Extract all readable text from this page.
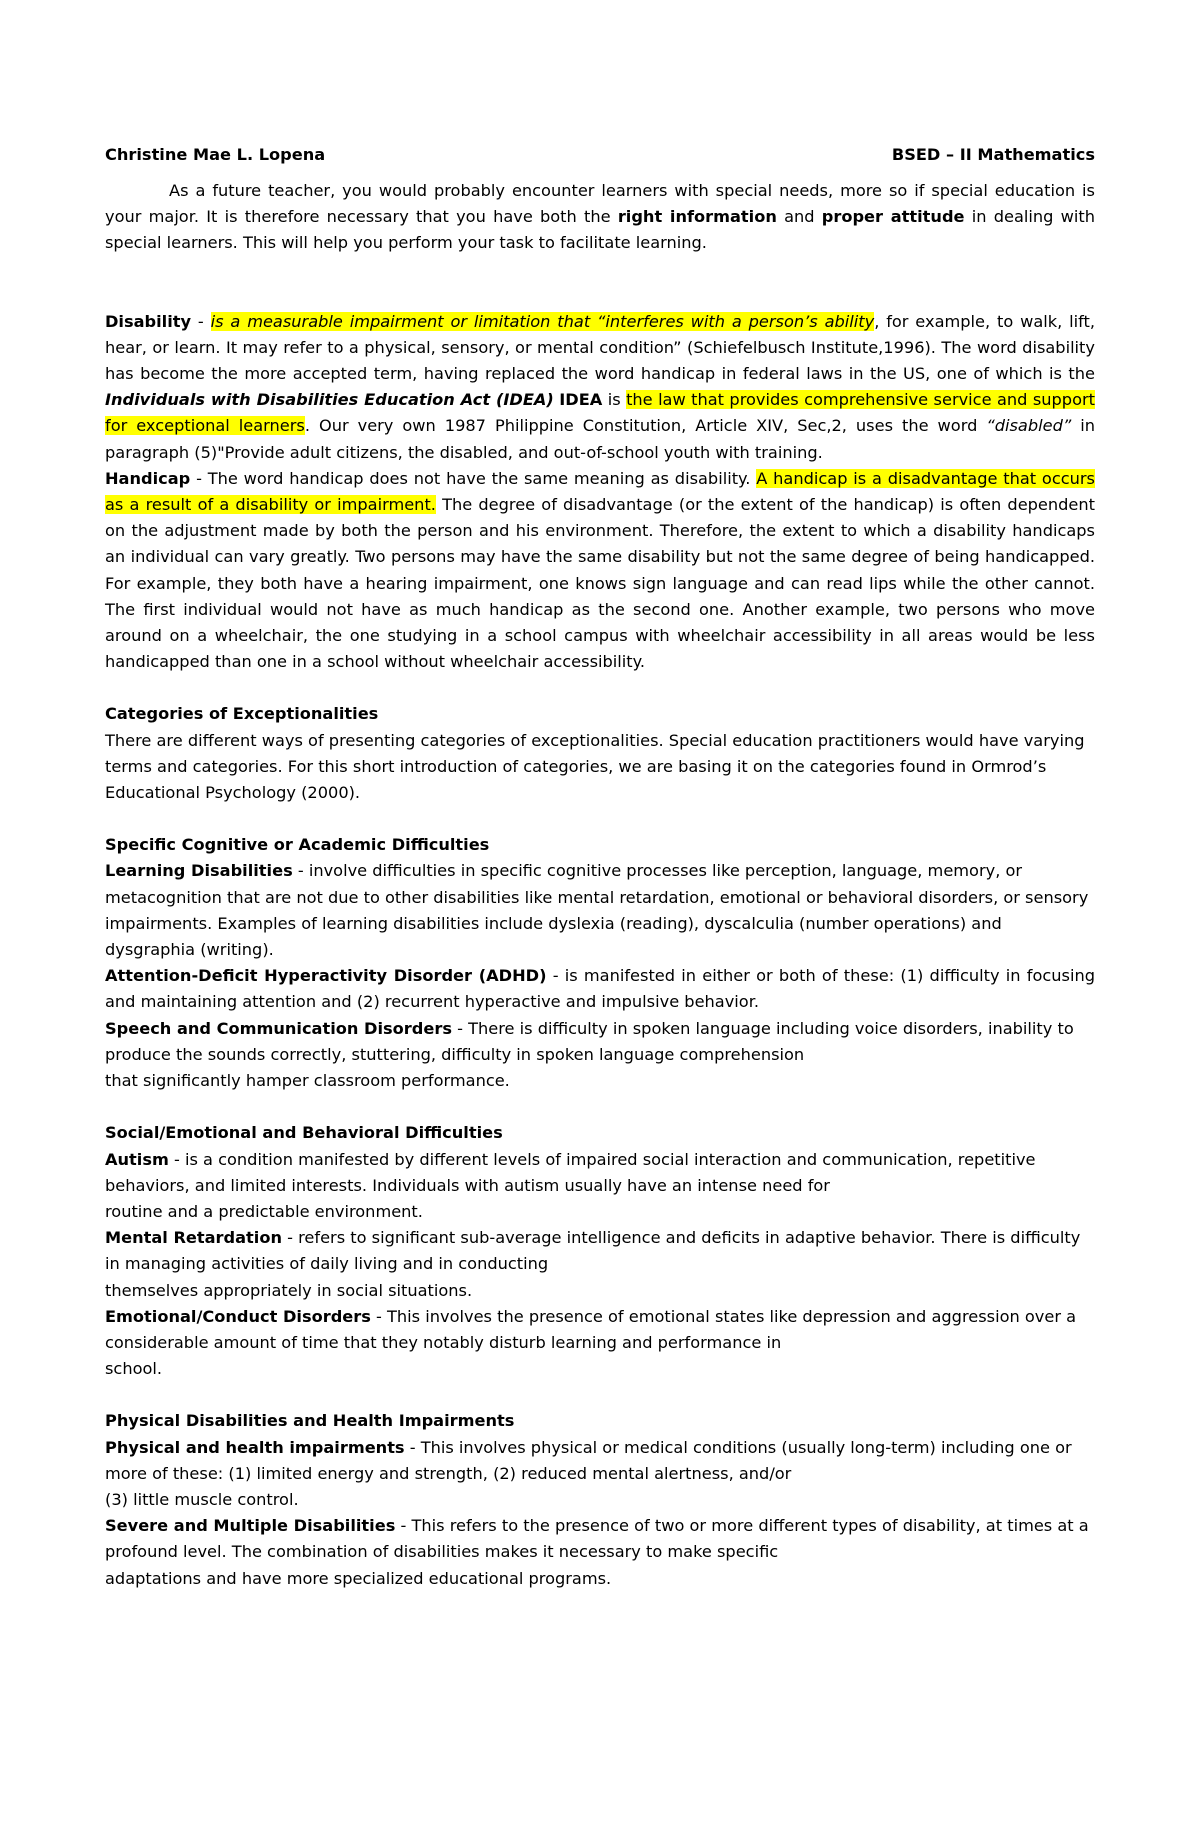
Christine Mae L. Lopena	BSED – II Mathematics

As a future teacher, you would probably encounter learners with special needs, more so if special education is your major. It is therefore necessary that you have both the right information and proper attitude in dealing with special learners. This will help you perform your task to facilitate learning.

Disability - is a measurable impairment or limitation that “interferes with a person’s ability, for example, to walk, lift, hear, or learn. It may refer to a physical, sensory, or mental condition” (Schiefelbusch Institute,1996). The word disability has become the more accepted term, having replaced the word handicap in federal laws in the US, one of which is the Individuals with Disabilities Education Act (IDEA) IDEA is the law that provides comprehensive service and support for exceptional learners. Our very own 1987 Philippine Constitution, Article XIV, Sec,2, uses the word “disabled” in paragraph (5)"Provide adult citizens, the disabled, and out-of-school youth with training.

Handicap - The word handicap does not have the same meaning as disability. A handicap is a disadvantage that occurs as a result of a disability or impairment. The degree of disadvantage (or the extent of the handicap) is often dependent on the adjustment made by both the person and his environment. Therefore, the extent to which a disability handicaps an individual can vary greatly. Two persons may have the same disability but not the same degree of being handicapped. For example, they both have a hearing impairment, one knows sign language and can read lips while the other cannot. The first individual would not have as much handicap as the second one. Another example, two persons who move around on a wheelchair, the one studying in a school campus with wheelchair accessibility in all areas would be less handicapped than one in a school without wheelchair accessibility.

Categories of Exceptionalities

There are different ways of presenting categories of exceptionalities. Special education practitioners would have varying terms and categories. For this short introduction of categories, we are basing it on the categories found in Ormrod’s Educational Psychology (2000).

Specific Cognitive or Academic Difficulties

Learning Disabilities - involve difficulties in specific cognitive processes like perception, language, memory, or metacognition that are not due to other disabilities like mental retardation, emotional or behavioral disorders, or sensory impairments. Examples of learning disabilities include dyslexia (reading), dyscalculia (number operations) and dysgraphia (writing).

Attention-Deficit Hyperactivity Disorder (ADHD) - is manifested in either or both of these: (1) difficulty in focusing and maintaining attention and (2) recurrent hyperactive and impulsive behavior.

Speech and Communication Disorders - There is difficulty in spoken language including voice disorders, inability to produce the sounds correctly, stuttering, difficulty in spoken language comprehension

that significantly hamper classroom performance.

Social/Emotional and Behavioral Difficulties

Autism - is a condition manifested by different levels of impaired social interaction and communication, repetitive behaviors, and limited interests. Individuals with autism usually have an intense need for

routine and a predictable environment.

Mental Retardation - refers to significant sub-average intelligence and deficits in adaptive behavior. There is difficulty in managing activities of daily living and in conducting

themselves appropriately in social situations.

Emotional/Conduct Disorders - This involves the presence of emotional states like depression and aggression over a considerable amount of time that they notably disturb learning and performance in

school.

Physical Disabilities and Health Impairments

Physical and health impairments - This involves physical or medical conditions (usually long-term) including one or more of these: (1) limited energy and strength, (2) reduced mental alertness, and/or

(3) little muscle control.

Severe and Multiple Disabilities - This refers to the presence of two or more different types of disability, at times at a profound level. The combination of disabilities makes it necessary to make specific

adaptations and have more specialized educational programs.
